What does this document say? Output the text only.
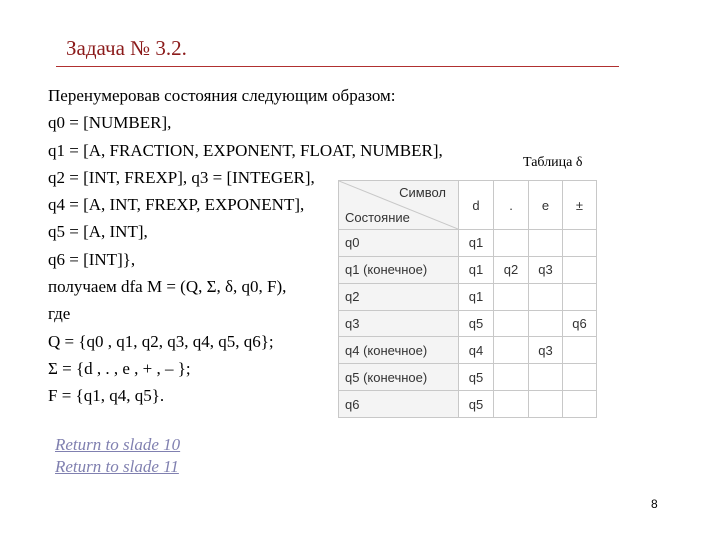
Задача № 3.2.
Перенумеровав состояния следующим образом:
q0 = [NUMBER],
q1 = [A, FRACTION, EXPONENT, FLOAT, NUMBER],
q2 = [INT, FREXP], q3 = [INTEGER],
q4 = [A, INT, FREXP, EXPONENT],
q5 = [A, INT],
q6 = [INT]},
получаем dfa M = (Q, Σ, δ, q0, F),
где
Q = {q0 , q1, q2, q3, q4, q5, q6};
Σ = {d , . , e , + , – };
F = {q1, q4, q5}.
Return to slade 10
Return to slade 11
Таблица δ
Символ
Состояние	d	.	e	±
q0	q1			
q1 (конечное)	q1	q2	q3	
q2	q1			
q3	q5			q6
q4 (конечное)	q4		q3	
q5 (конечное)	q5			
q6	q5			
8
